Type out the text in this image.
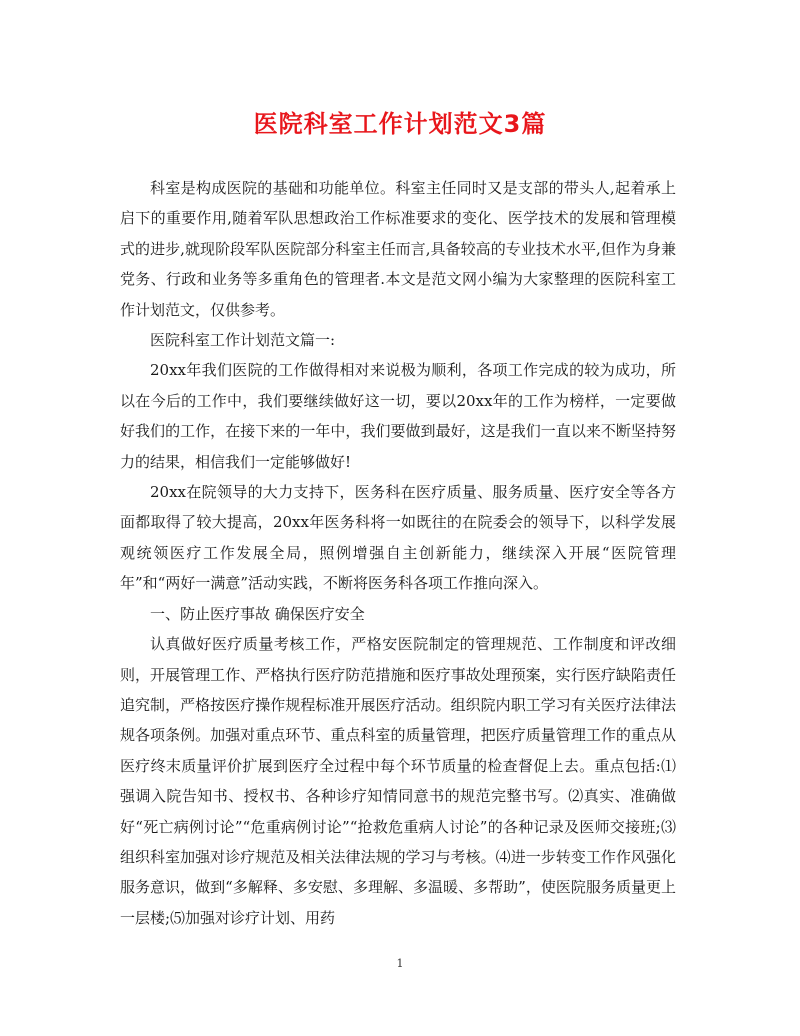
医院科室工作计划范文3篇

科室是构成医院的基础和功能单位。科室主任同时又是支部的带头人,起着承上启下的重要作用,随着军队思想政治工作标准要求的变化、医学技术的发展和管理模式的进步,就现阶段军队医院部分科室主任而言,具备较高的专业技术水平,但作为身兼党务、行政和业务等多重角色的管理者.本文是范文网小编为大家整理的医院科室工作计划范文，仅供参考。

医院科室工作计划范文篇一:

20xx年我们医院的工作做得相对来说极为顺利，各项工作完成的较为成功，所以在今后的工作中，我们要继续做好这一切，要以20xx年的工作为榜样，一定要做好我们的工作，在接下来的一年中，我们要做到最好，这是我们一直以来不断坚持努力的结果，相信我们一定能够做好!

20xx在院领导的大力支持下，医务科在医疗质量、服务质量、医疗安全等各方面都取得了较大提高，20xx年医务科将一如既往的在院委会的领导下，以科学发展观统领医疗工作发展全局，照例增强自主创新能力，继续深入开展“医院管理年”和“两好一满意”活动实践，不断将医务科各项工作推向深入。

一、防止医疗事故 确保医疗安全

认真做好医疗质量考核工作，严格安医院制定的管理规范、工作制度和评改细则，开展管理工作、严格执行医疗防范措施和医疗事故处理预案，实行医疗缺陷责任追究制，严格按医疗操作规程标准开展医疗活动。组织院内职工学习有关医疗法律法规各项条例。加强对重点环节、重点科室的质量管理，把医疗质量管理工作的重点从医疗终末质量评价扩展到医疗全过程中每个环节质量的检查督促上去。重点包括:⑴强调入院告知书、授权书、各种诊疗知情同意书的规范完整书写。⑵真实、准确做好“死亡病例讨论”“危重病例讨论”“抢救危重病人讨论”的各种记录及医师交接班;⑶组织科室加强对诊疗规范及相关法律法规的学习与考核。⑷进一步转变工作作风强化服务意识，做到“多解释、多安慰、多理解、多温暖、多帮助”，使医院服务质量更上一层楼;⑸加强对诊疗计划、用药

1
